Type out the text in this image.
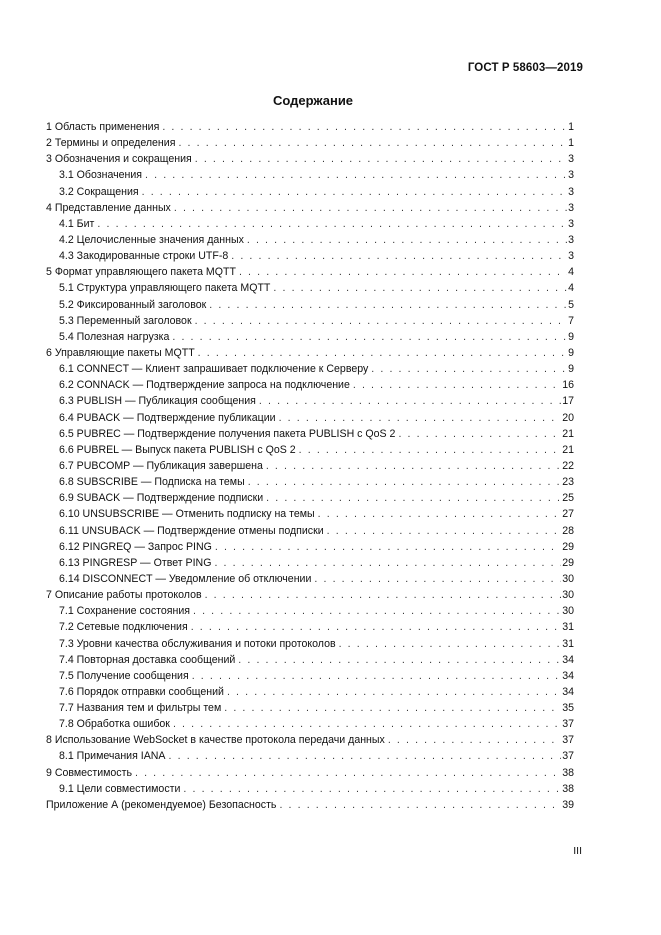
ГОСТ Р 58603—2019
Содержание
1 Область применения . . .	1
2 Термины и определения . . .	1
3 Обозначения и сокращения . . .	3
3.1 Обозначения . . .	3
3.2 Сокращения . . .	3
4 Представление данных . . .	3
4.1 Бит . . .	3
4.2 Целочисленные значения данных . . .	3
4.3 Закодированные строки UTF-8 . . .	3
5 Формат управляющего пакета MQTT . . .	4
5.1 Структура управляющего пакета MQTT . . .	4
5.2 Фиксированный заголовок . . .	5
5.3 Переменный заголовок . . .	7
5.4 Полезная нагрузка . . .	9
6 Управляющие пакеты MQTT . . .	9
6.1 CONNECT — Клиент запрашивает подключение к Серверу . . .	9
6.2 CONNACK — Подтверждение запроса на подключение . . .	16
6.3 PUBLISH — Публикация сообщения . . .	17
6.4 PUBACK — Подтверждение публикации . . .	20
6.5 PUBREC — Подтверждение получения пакета PUBLISH с QoS 2 . . .	21
6.6 PUBREL — Выпуск пакета PUBLISH с QoS 2 . . .	21
6.7 PUBCOMP — Публикация завершена . . .	22
6.8 SUBSCRIBE — Подписка на темы . . .	23
6.9 SUBACK — Подтверждение подписки . . .	25
6.10 UNSUBSCRIBE — Отменить подписку на темы . . .	27
6.11 UNSUBACK — Подтверждение отмены подписки . . .	28
6.12 PINGREQ — Запрос PING . . .	29
6.13 PINGRESP — Ответ PING . . .	29
6.14 DISCONNECT — Уведомление об отключении . . .	30
7 Описание работы протоколов . . .	30
7.1 Сохранение состояния . . .	30
7.2 Сетевые подключения . . .	31
7.3 Уровни качества обслуживания и потоки протоколов . . .	31
7.4 Повторная доставка сообщений . . .	34
7.5 Получение сообщения . . .	34
7.6 Порядок отправки сообщений . . .	34
7.7 Названия тем и фильтры тем . . .	35
7.8 Обработка ошибок . . .	37
8 Использование WebSocket в качестве протокола передачи данных . . .	37
8.1 Примечания IANA . . .	37
9 Совместимость . . .	38
9.1 Цели совместимости . . .	38
Приложение А (рекомендуемое) Безопасность . . .	39
III
